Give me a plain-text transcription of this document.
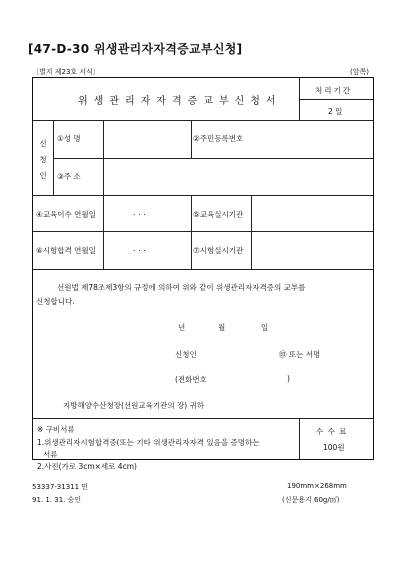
[47-D-30 위생관리자자격증교부신청]
〔별지 제23호 서식〕	(앞쪽)
위생관리자자격증교부신청서
처리기간
2 일
신청인
①성 명	②주민등록번호
③주 소
④교육이수 연월일	. . .	⑤교육실시기관
⑥시험합격 연월일	. . .	⑦시험실시기관
선원법 제78조제3항의 규정에 의하여 위와 같이 위생관리자자격증의 교부를
신청합니다.
년	월	일
신청인	㊞ 또는 서명
(전화번호	)
지방해양수산청장(선원교육기관의 장) 귀하
※ 구비서류
1.위생관리자시험합격증(또는 기타 위생관리자자격 있음을 증명하는
서류
2.사진(가로 3cm×세로 4cm)
수 수 료
100원
53337-31311 민
91. 1. 31. 승인
190mm×268mm
(신문용지 60g/㎡)
